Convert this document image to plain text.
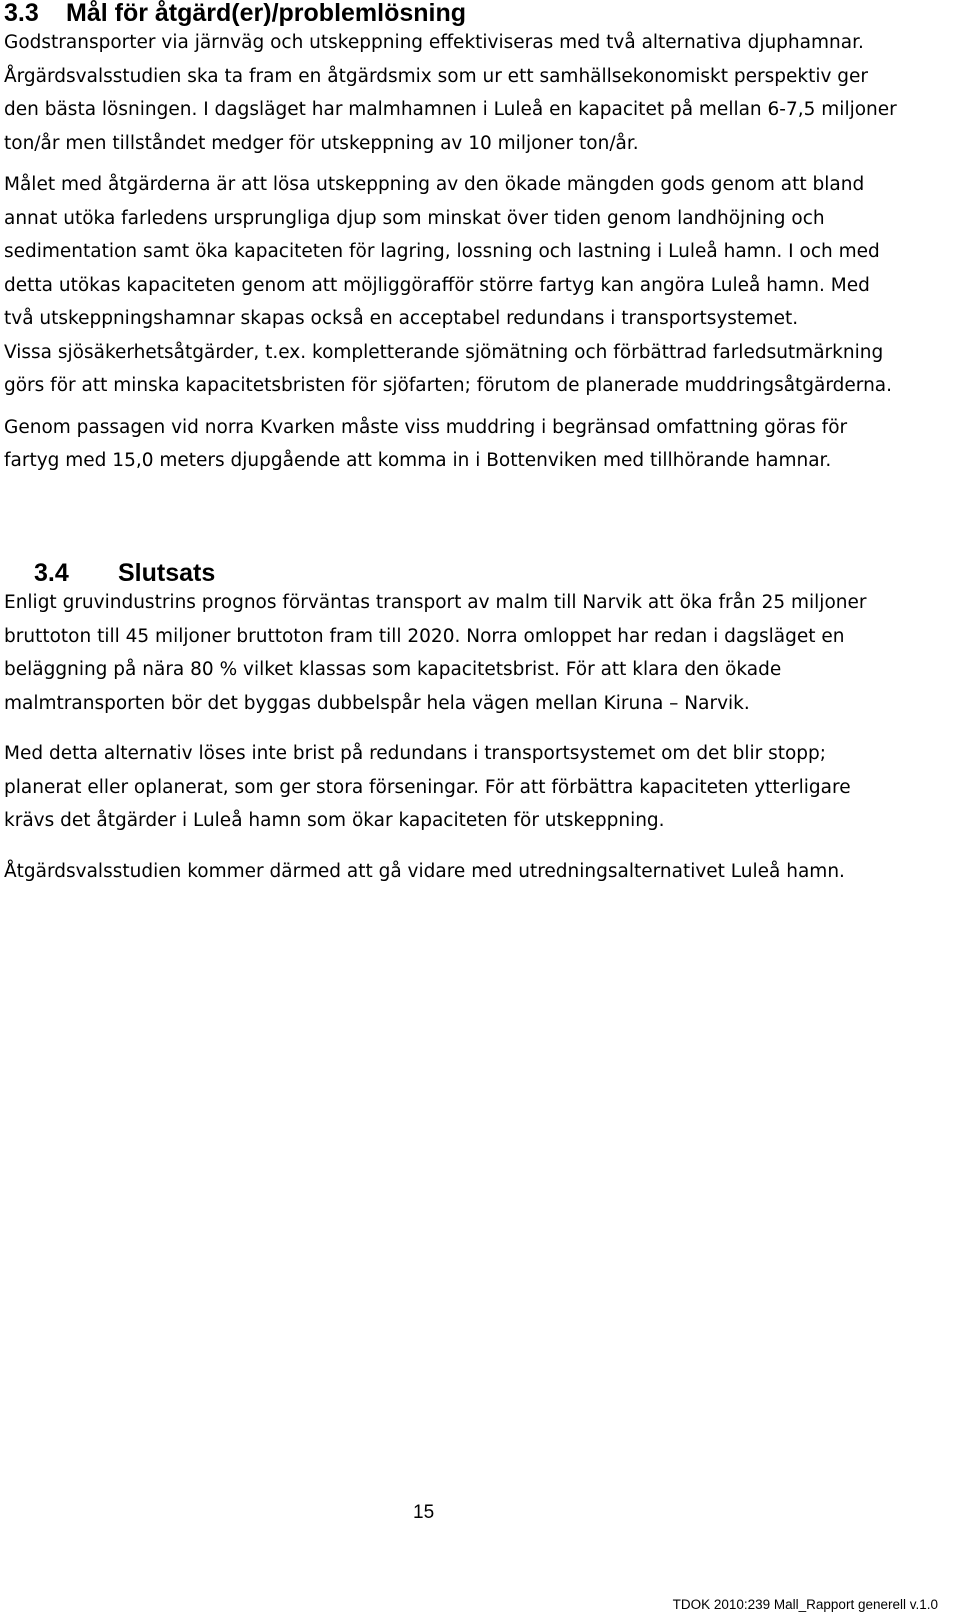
3.3 Mål för åtgärd(er)/problemlösning

Godstransporter via järnväg och utskeppning effektiviseras med två alternativa djuphamnar.

Årgärdsvalsstudien ska ta fram en åtgärdsmix som ur ett samhällsekonomiskt perspektiv ger

den bästa lösningen. I dagsläget har malmhamnen i Luleå en kapacitet på mellan 6-7,5 miljoner

ton/år men tillståndet medger för utskeppning av 10 miljoner ton/år.

Målet med åtgärderna är att lösa utskeppning av den ökade mängden gods genom att bland

annat utöka farledens ursprungliga djup som minskat över tiden genom landhöjning och

sedimentation samt öka kapaciteten för lagring, lossning och lastning i Luleå hamn. I och med

detta utökas kapaciteten genom att möjliggörafför större fartyg kan angöra Luleå hamn. Med

två utskeppningshamnar skapas också en acceptabel redundans i transportsystemet.

Vissa sjösäkerhetsåtgärder, t.ex. kompletterande sjömätning och förbättrad farledsutmärkning

görs för att minska kapacitetsbristen för sjöfarten; förutom de planerade muddringsåtgärderna.

Genom passagen vid norra Kvarken måste viss muddring i begränsad omfattning göras för

fartyg med 15,0 meters djupgående att komma in i Bottenviken med tillhörande hamnar.

3.4 Slutsats

Enligt gruvindustrins prognos förväntas transport av malm till Narvik att öka från 25 miljoner

bruttoton till 45 miljoner bruttoton fram till 2020. Norra omloppet har redan i dagsläget en

beläggning på nära 80 % vilket klassas som kapacitetsbrist. För att klara den ökade

malmtransporten bör det byggas dubbelspår hela vägen mellan Kiruna – Narvik.

Med detta alternativ löses inte brist på redundans i transportsystemet om det blir stopp;

planerat eller oplanerat, som ger stora förseningar. För att förbättra kapaciteten ytterligare

krävs det åtgärder i Luleå hamn som ökar kapaciteten för utskeppning.

Åtgärdsvalsstudien kommer därmed att gå vidare med utredningsalternativet Luleå hamn.

15
TDOK 2010:239 Mall_Rapport generell v.1.0
